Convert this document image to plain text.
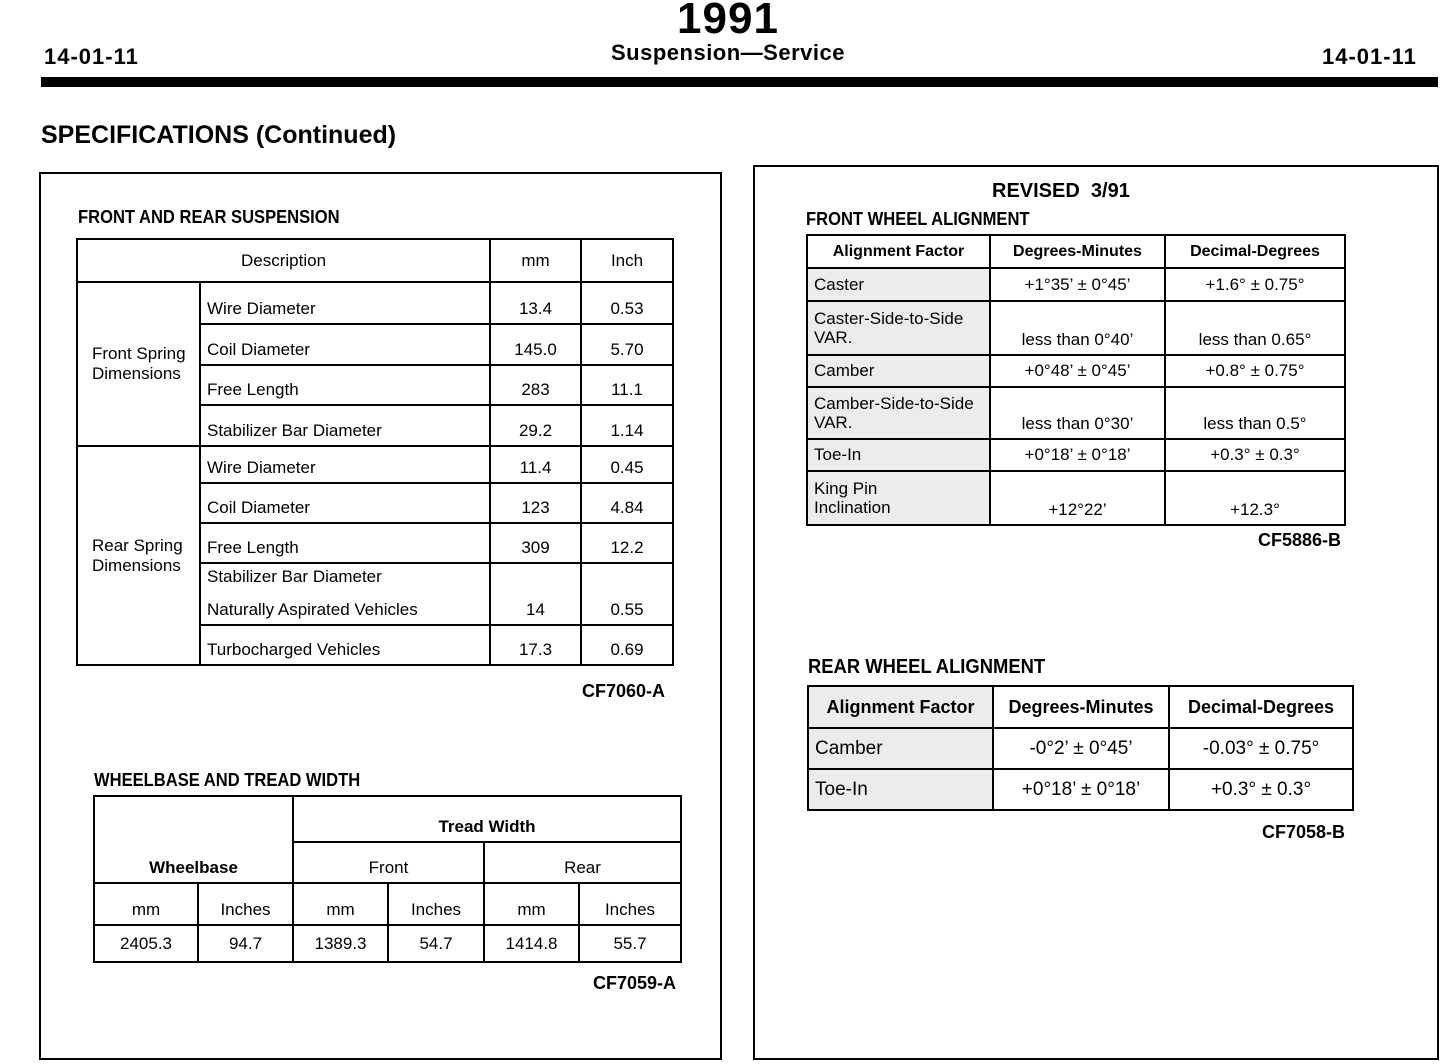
1991
Suspension—Service
14-01-11	14-01-11
SPECIFICATIONS (Continued)
FRONT AND REAR SUSPENSION
Description		mm	Inch
Front Spring Dimensions	Wire Diameter	13.4	0.53
	Coil Diameter	145.0	5.70
	Free Length	283	11.1
	Stabilizer Bar Diameter	29.2	1.14
Rear Spring Dimensions	Wire Diameter	11.4	0.45
	Coil Diameter	123	4.84
	Free Length	309	12.2
	Stabilizer Bar Diameter		
	Naturally Aspirated Vehicles	14	0.55
	Turbocharged Vehicles	17.3	0.69
CF7060-A
WHEELBASE AND TREAD WIDTH
		Tread Width			
Wheelbase		Front		Rear	
mm	Inches	mm	Inches	mm	Inches
2405.3	94.7	1389.3	54.7	1414.8	55.7
CF7059-A
REVISED  3/91
FRONT WHEEL ALIGNMENT
Alignment Factor	Degrees-Minutes	Decimal-Degrees
Caster	+1°35’ ± 0°45’	+1.6° ± 0.75°
Caster-Side-to-Side VAR.	less than 0°40’	less than 0.65°
Camber	+0°48’ ± 0°45’	+0.8° ± 0.75°
Camber-Side-to-Side VAR.	less than 0°30’	less than 0.5°
Toe-In	+0°18’ ± 0°18’	+0.3° ± 0.3°
King Pin Inclination	+12°22’	+12.3°
CF5886-B
REAR WHEEL ALIGNMENT
Alignment Factor	Degrees-Minutes	Decimal-Degrees
Camber	-0°2’ ± 0°45’	-0.03° ± 0.75°
Toe-In	+0°18’ ± 0°18’	+0.3° ± 0.3°
CF7058-B
